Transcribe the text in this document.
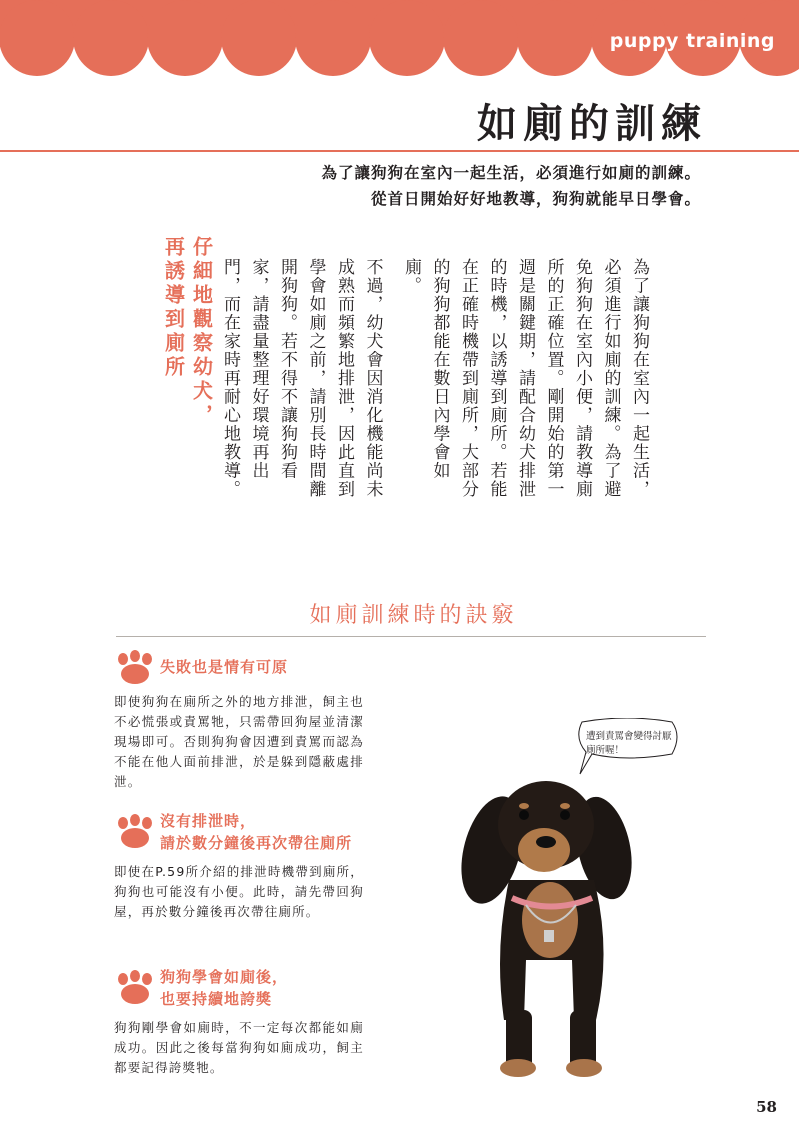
puppy training
如廁的訓練
為了讓狗狗在室內一起生活，必須進行如廁的訓練。
從首日開始好好地教導，狗狗就能早日學會。
仔細地觀察幼犬，
再誘導到廁所	為了讓狗狗在室內一起生活，必須進行如廁的訓練。為了避免狗狗在室內小便，請教導廁所的正確位置。剛開始的第一週是關鍵期，請配合幼犬排泄的時機，以誘導到廁所。若能在正確時機帶到廁所，大部分的狗狗都能在數日內學會如廁。

不過，幼犬會因消化機能尚未成熟而頻繁地排泄，因此直到學會如廁之前，請別長時間離開狗狗。若不得不讓狗狗看家，請盡量整理好環境再出門，而在家時再耐心地教導。

如廁訓練時的訣竅
失敗也是情有可原
即使狗狗在廁所之外的地方排泄，飼主也不必慌張或責罵牠，只需帶回狗屋並清潔現場即可。否則狗狗會因遭到責罵而認為不能在他人面前排泄，於是躲到隱蔽處排泄。
沒有排泄時，
請於數分鐘後再次帶往廁所
即使在P.59所介紹的排泄時機帶到廁所，狗狗也可能沒有小便。此時，請先帶回狗屋，再於數分鐘後再次帶往廁所。
狗狗學會如廁後，
也要持續地誇獎
狗狗剛學會如廁時，不一定每次都能如廁成功。因此之後每當狗狗如廁成功，飼主都要記得誇獎牠。
遭到責罵會變得討厭廁所喔！
58
